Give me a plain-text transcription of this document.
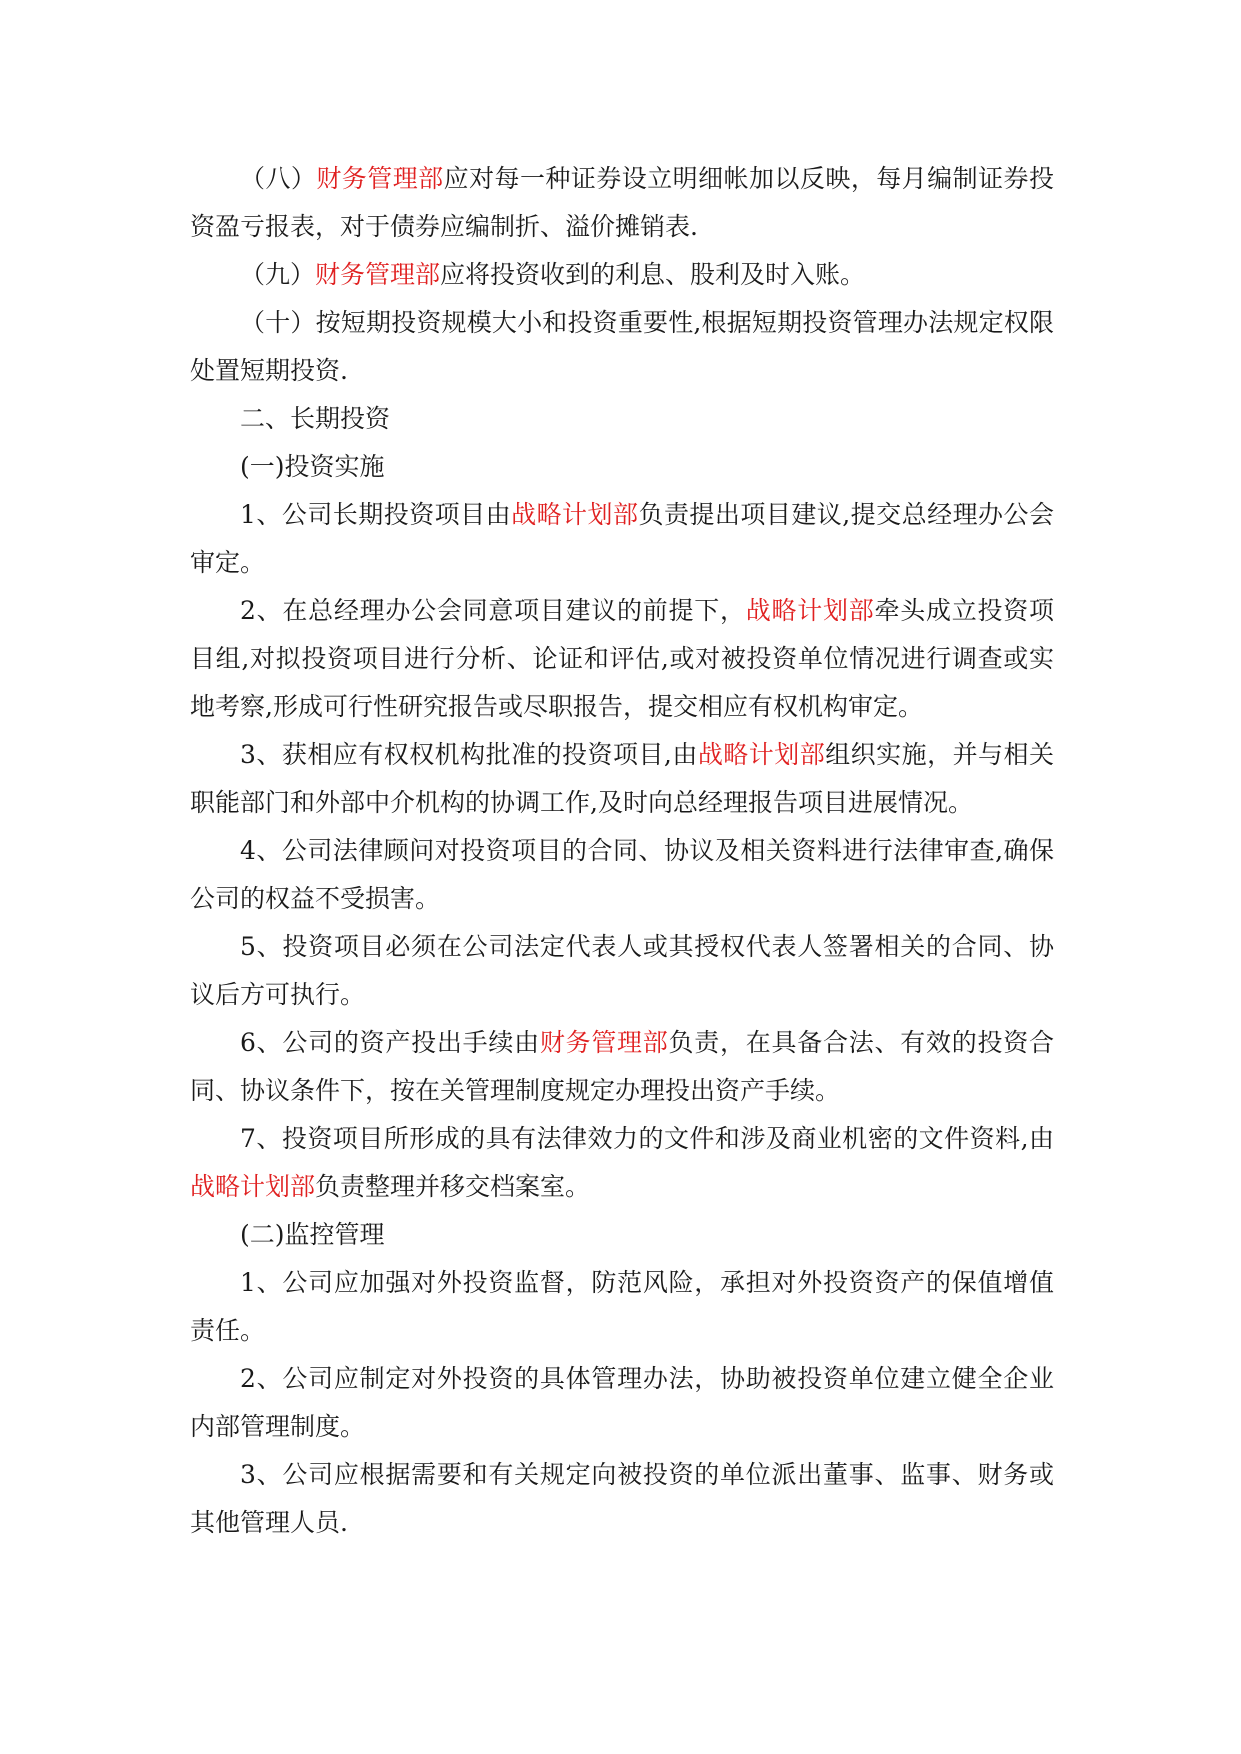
（八）财务管理部应对每一种证券设立明细帐加以反映，每月编制证券投资盈亏报表，对于债券应编制折、溢价摊销表.

（九）财务管理部应将投资收到的利息、股利及时入账。

（十）按短期投资规模大小和投资重要性,根据短期投资管理办法规定权限处置短期投资.

二、长期投资

(一)投资实施

1、公司长期投资项目由战略计划部负责提出项目建议,提交总经理办公会审定。

2、在总经理办公会同意项目建议的前提下，战略计划部牵头成立投资项目组,对拟投资项目进行分析、论证和评估,或对被投资单位情况进行调查或实地考察,形成可行性研究报告或尽职报告，提交相应有权机构审定。

3、获相应有权权机构批准的投资项目,由战略计划部组织实施，并与相关职能部门和外部中介机构的协调工作,及时向总经理报告项目进展情况。

4、公司法律顾问对投资项目的合同、协议及相关资料进行法律审查,确保公司的权益不受损害。

5、投资项目必须在公司法定代表人或其授权代表人签署相关的合同、协议后方可执行。

6、公司的资产投出手续由财务管理部负责，在具备合法、有效的投资合同、协议条件下，按在关管理制度规定办理投出资产手续。

7、投资项目所形成的具有法律效力的文件和涉及商业机密的文件资料,由战略计划部负责整理并移交档案室。

(二)监控管理

1、公司应加强对外投资监督，防范风险，承担对外投资资产的保值增值责任。

2、公司应制定对外投资的具体管理办法，协助被投资单位建立健全企业内部管理制度。

3、公司应根据需要和有关规定向被投资的单位派出董事、监事、财务或其他管理人员.
